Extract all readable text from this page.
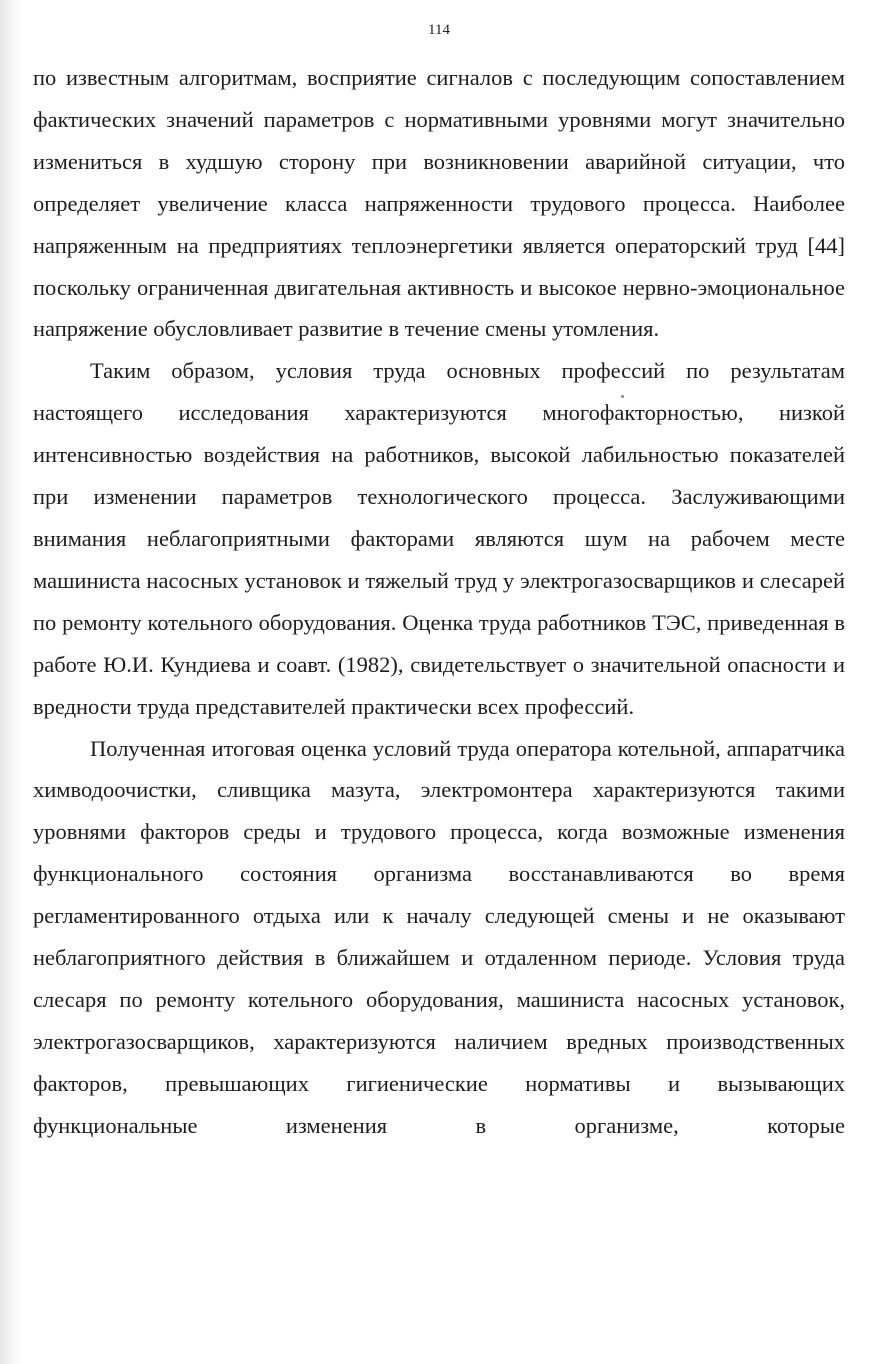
114

по известным алгоритмам, восприятие сигналов с последующим сопоставлением фактических значений параметров с нормативными уровнями могут значительно измениться в худшую сторону при возникновении аварийной ситуации, что определяет увеличение класса напряженности трудового процесса. Наиболее напряженным на предприятиях теплоэнергетики является операторский труд [44] поскольку ограниченная двигательная активность и высокое нервно-эмоциональное напряжение обусловливает развитие в течение смены утомления.

Таким образом, условия труда основных профессий по результатам настоящего исследования характеризуются многофакторностью, низкой интенсивностью воздействия на работников, высокой лабильностью показателей при изменении параметров технологического процесса. Заслуживающими внимания неблагоприятными факторами являются шум на рабочем месте машиниста насосных установок и тяжелый труд у электрогазосварщиков и слесарей по ремонту котельного оборудования. Оценка труда работников ТЭС, приведенная в работе Ю.И. Кундиева и соавт. (1982), свидетельствует о значительной опасности и вредности труда представителей практически всех профессий.

Полученная итоговая оценка условий труда оператора котельной, аппаратчика химводоочистки, сливщика мазута, электромонтера характеризуются такими уровнями факторов среды и трудового процесса, когда возможные изменения функционального состояния организма восстанавливаются во время регламентированного отдыха или к началу следующей смены и не оказывают неблагоприятного действия в ближайшем и отдаленном периоде. Условия труда слесаря по ремонту котельного оборудования, машиниста насосных установок, электрогазосварщиков, характеризуются наличием вредных производственных факторов, превышающих гигиенические нормативы и вызывающих функциональные изменения в организме, которые
